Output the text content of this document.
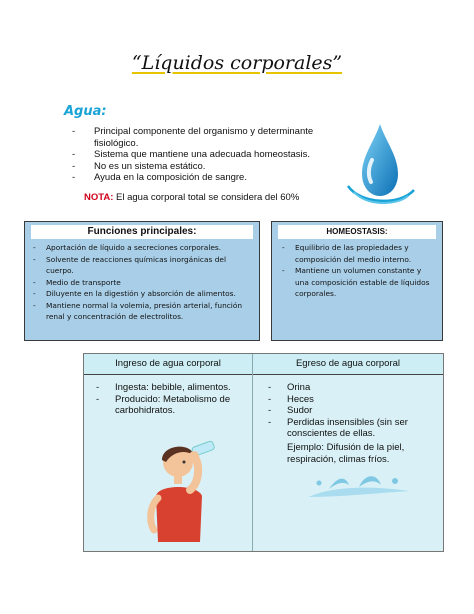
“Líquidos corporales”
Agua:
- Principal componente del organismo y determinante fisiológico.
- Sistema que mantiene una adecuada homeostasis.
- No es un sistema estático.
- Ayuda en la composición de sangre.
NOTA: El agua corporal total se considera del 60%
Funciones principales:
- Aportación de líquido a secreciones corporales.
- Solvente de reacciones químicas inorgánicas del cuerpo.
- Medio de transporte
- Diluyente en la digestión y absorción de alimentos.
- Mantiene normal la volemia, presión arterial, función renal y concentración de electrolitos.
HOMEOSTASIS:
- Equilibrio de las propiedades y composición del medio interno.
- Mantiene un volumen constante y una composición estable de líquidos corporales.
Ingreso de agua corporal	Egreso de agua corporal
- Ingesta: bebible, alimentos.
- Producido: Metabolismo de carbohidratos.
- Orina
- Heces
- Sudor
- Perdidas insensibles (sin ser conscientes de ellas.
Ejemplo: Difusión de la piel, respiración, climas fríos.
